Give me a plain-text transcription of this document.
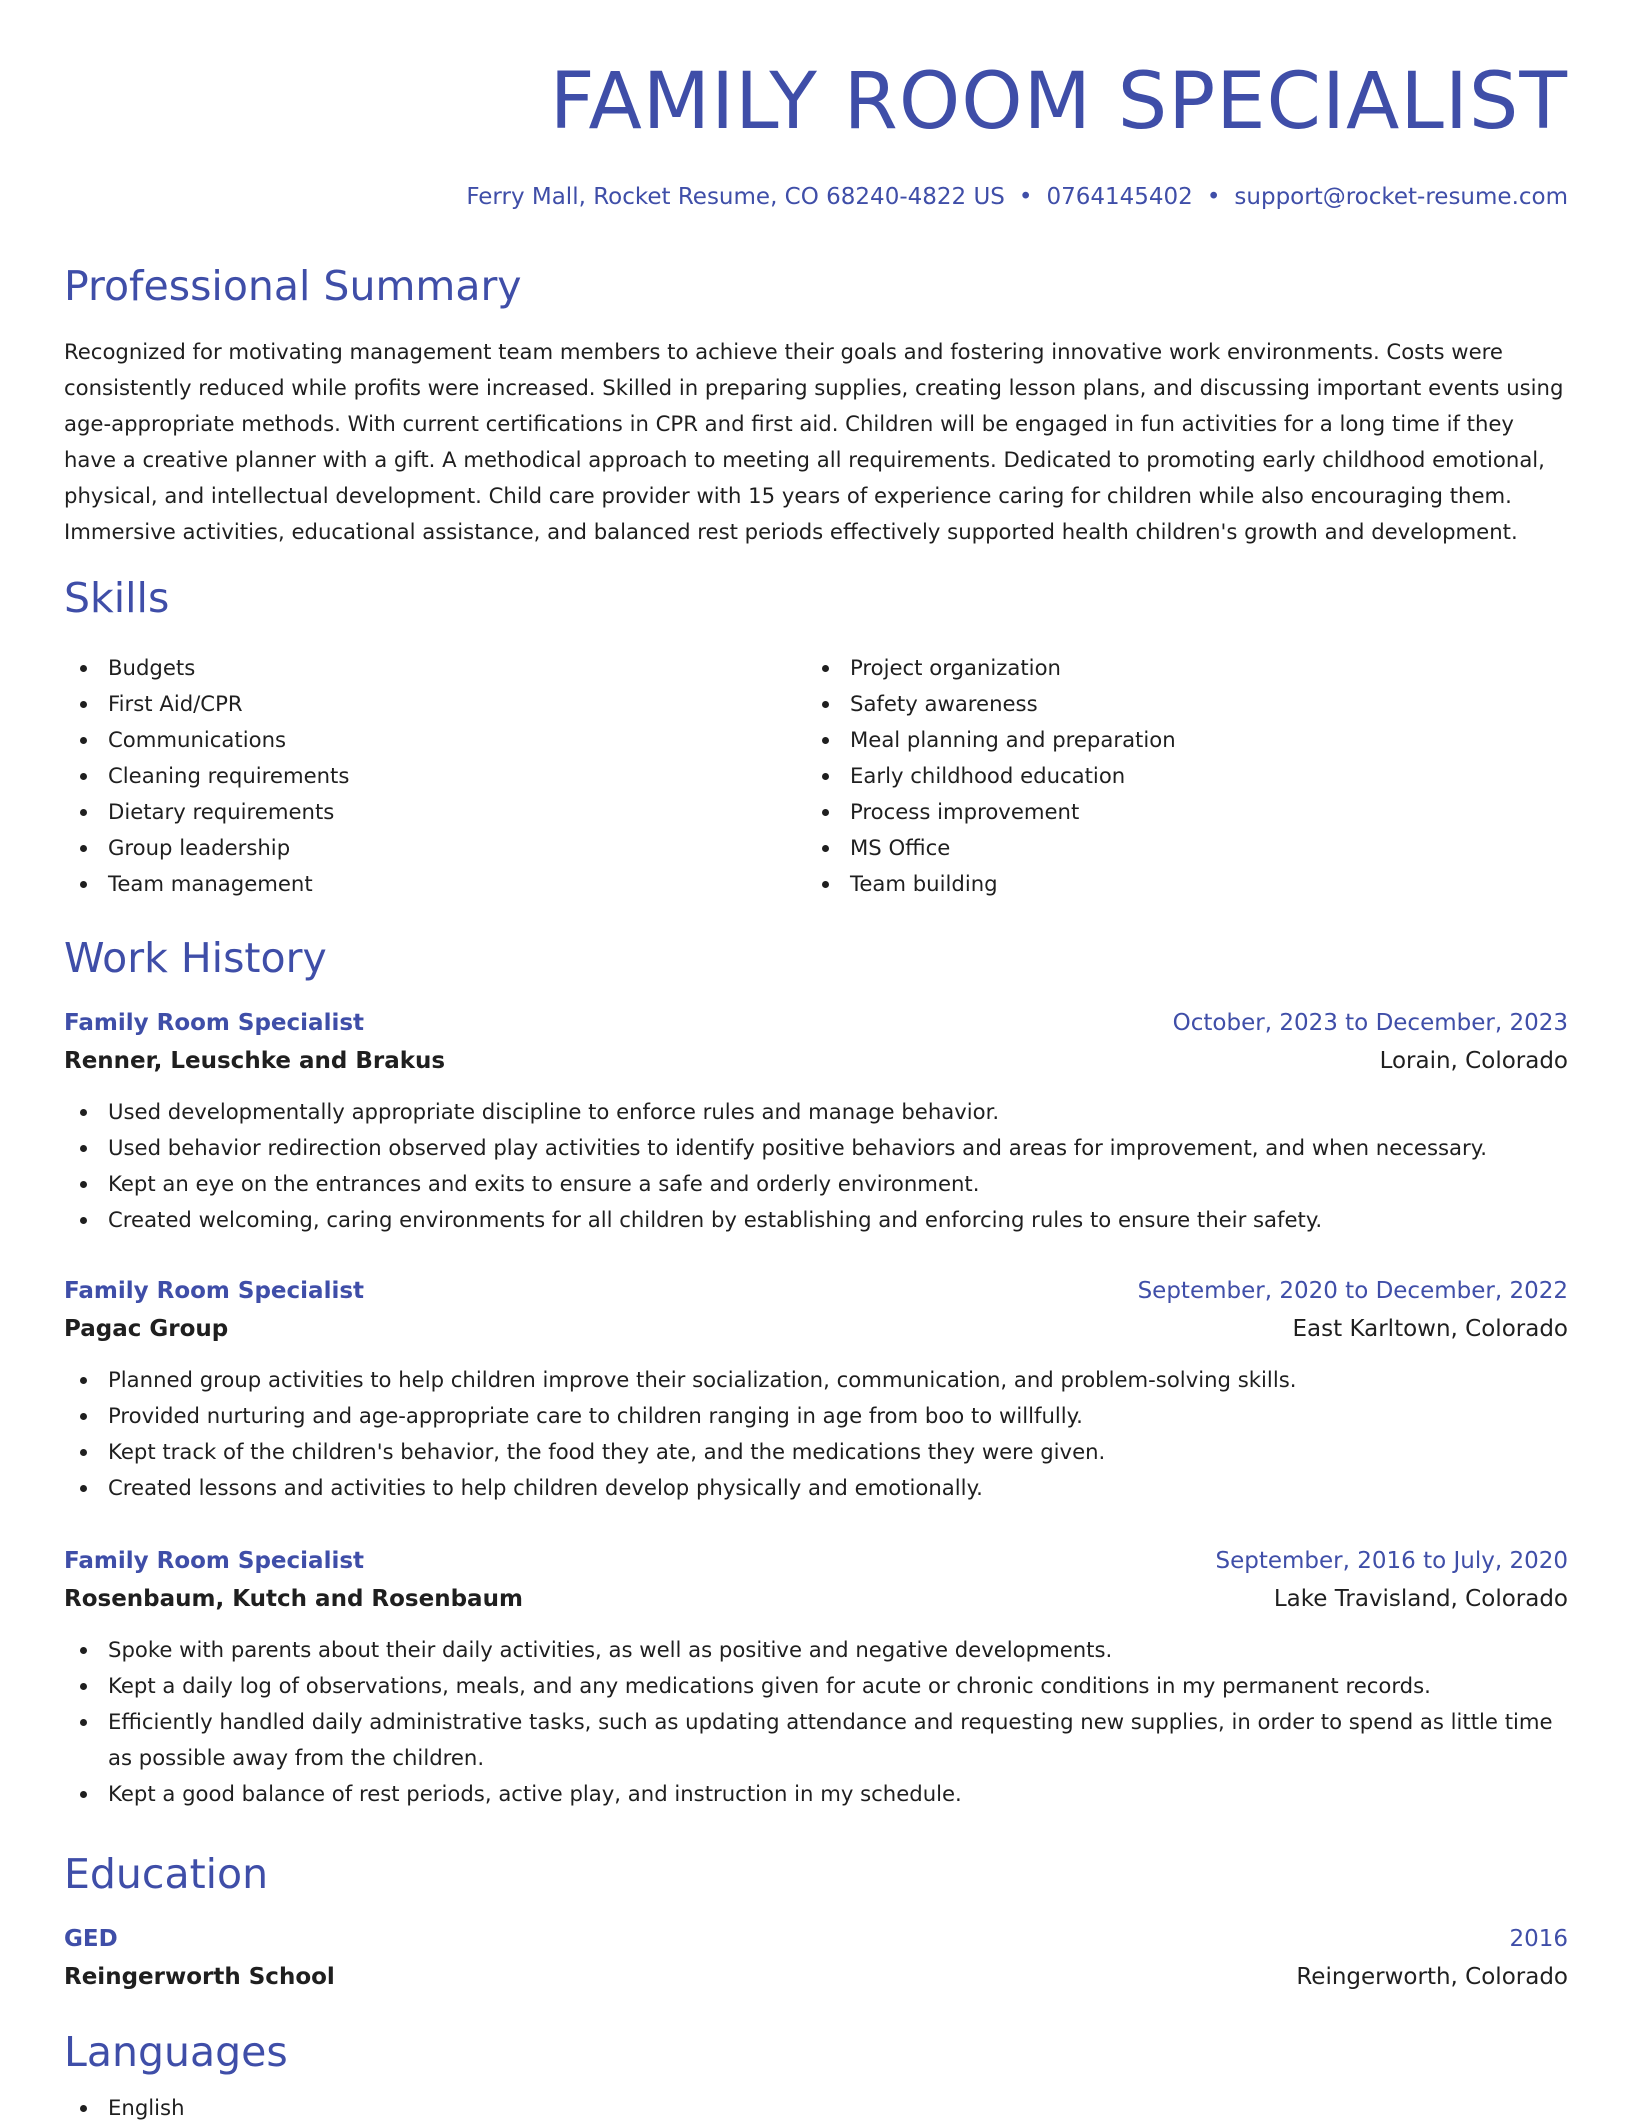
FAMILY ROOM SPECIALIST
Ferry Mall, Rocket Resume, CO 68240-4822 US • 0764145402 • support@rocket-resume.com
Professional Summary

Recognized for motivating management team members to achieve their goals and fostering innovative work environments. Costs were consistently reduced while profits were increased. Skilled in preparing supplies, creating lesson plans, and discussing important events using age-appropriate methods. With current certifications in CPR and first aid. Children will be engaged in fun activities for a long time if they have a creative planner with a gift. A methodical approach to meeting all requirements. Dedicated to promoting early childhood emotional, physical, and intellectual development. Child care provider with 15 years of experience caring for children while also encouraging them. Immersive activities, educational assistance, and balanced rest periods effectively supported health children's growth and development.

Skills
Budgets
First Aid/CPR
Communications
Cleaning requirements
Dietary requirements
Group leadership
Team management
Project organization
Safety awareness
Meal planning and preparation
Early childhood education
Process improvement
MS Office
Team building
Work History
Family Room Specialist	October, 2023 to December, 2023
Renner, Leuschke and Brakus	Lorain, Colorado
Used developmentally appropriate discipline to enforce rules and manage behavior.
Used behavior redirection observed play activities to identify positive behaviors and areas for improvement, and when necessary.
Kept an eye on the entrances and exits to ensure a safe and orderly environment.
Created welcoming, caring environments for all children by establishing and enforcing rules to ensure their safety.
Family Room Specialist	September, 2020 to December, 2022
Pagac Group	East Karltown, Colorado
Planned group activities to help children improve their socialization, communication, and problem-solving skills.
Provided nurturing and age-appropriate care to children ranging in age from boo to willfully.
Kept track of the children's behavior, the food they ate, and the medications they were given.
Created lessons and activities to help children develop physically and emotionally.
Family Room Specialist	September, 2016 to July, 2020
Rosenbaum, Kutch and Rosenbaum	Lake Travisland, Colorado
Spoke with parents about their daily activities, as well as positive and negative developments.
Kept a daily log of observations, meals, and any medications given for acute or chronic conditions in my permanent records.
Efficiently handled daily administrative tasks, such as updating attendance and requesting new supplies, in order to spend as little time as possible away from the children.
Kept a good balance of rest periods, active play, and instruction in my schedule.
Education
GED	2016
Reingerworth School	Reingerworth, Colorado
Languages
English
